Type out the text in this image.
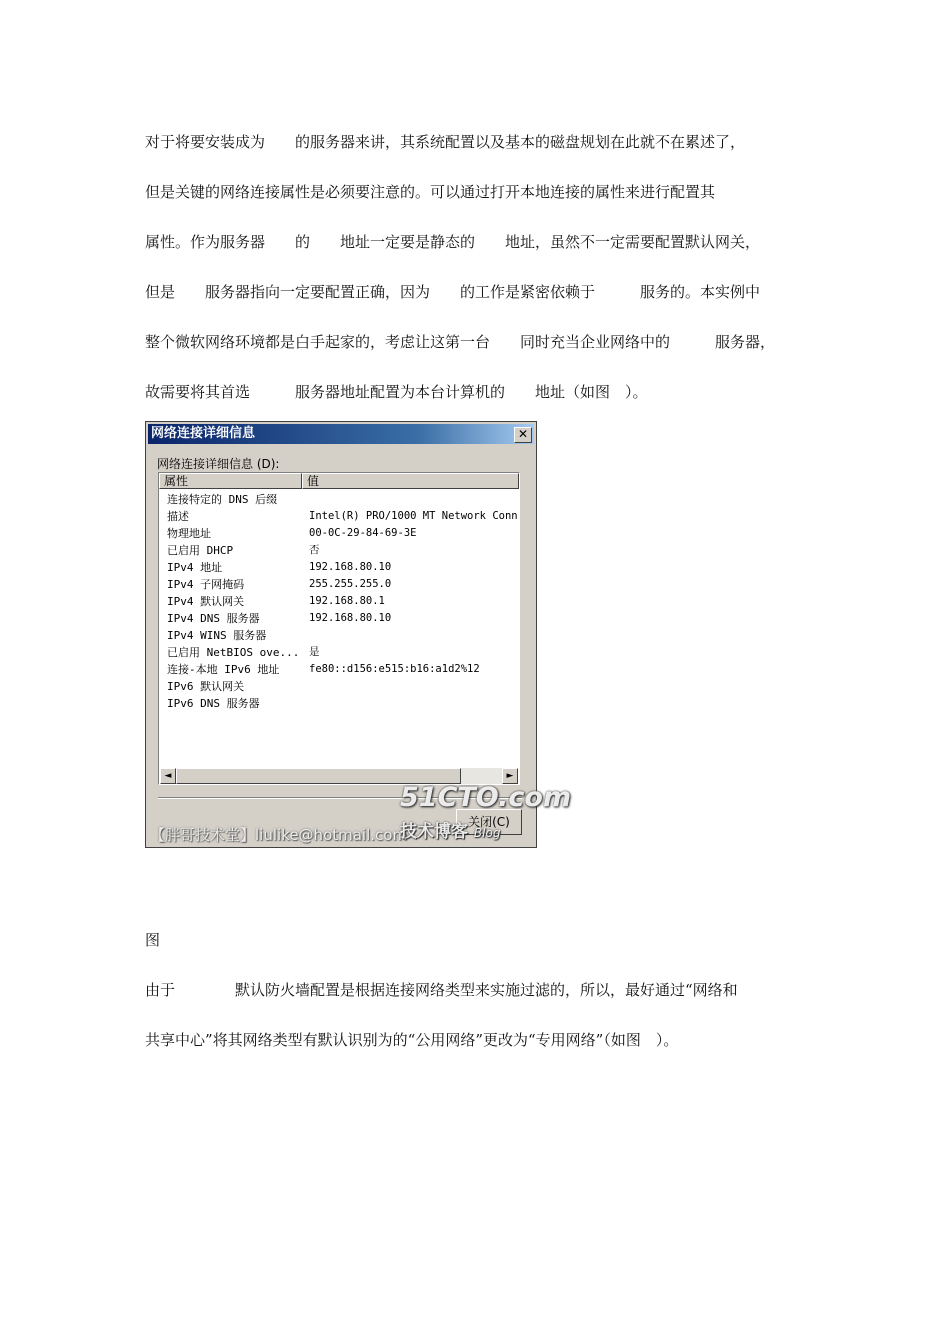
对于将要安装成为　　的服务器来讲，其系统配置以及基本的磁盘规划在此就不在累述了，
但是关键的网络连接属性是必须要注意的。可以通过打开本地连接的属性来进行配置其
属性。作为服务器　　的　　地址一定要是静态的　　地址，虽然不一定需要配置默认网关，
但是　　服务器指向一定要配置正确，因为　　的工作是紧密依赖于　　　服务的。本实例中
整个微软网络环境都是白手起家的，考虑让这第一台　　同时充当企业网络中的　　　服务器，
故需要将其首选　　　服务器地址配置为本台计算机的　　地址（如图　）。
网络连接详细信息	✕
网络连接详细信息 (D):
属性	值
连接特定的 DNS 后缀
描述	Intel(R) PRO/1000 MT Network Conn
物理地址	00-0C-29-84-69-3E
已启用 DHCP	否
IPv4 地址	192.168.80.10
IPv4 子网掩码	255.255.255.0
IPv4 默认网关	192.168.80.1
IPv4 DNS 服务器	192.168.80.10
IPv4 WINS 服务器
已启用 NetBIOS ove... 是
连接-本地 IPv6 地址	fe80::d156:e515:b16:a1d2%12
IPv6 默认网关
IPv6 DNS 服务器
◄	►
关闭(C)
【胖哥技术堂】liulike@hotmail.com
51CTO.com
技术博客 Blog
图
由于　　　　默认防火墙配置是根据连接网络类型来实施过滤的，所以，最好通过“网络和
共享中心”将其网络类型有默认识别为的“公用网络”更改为“专用网络”（如图　）。
